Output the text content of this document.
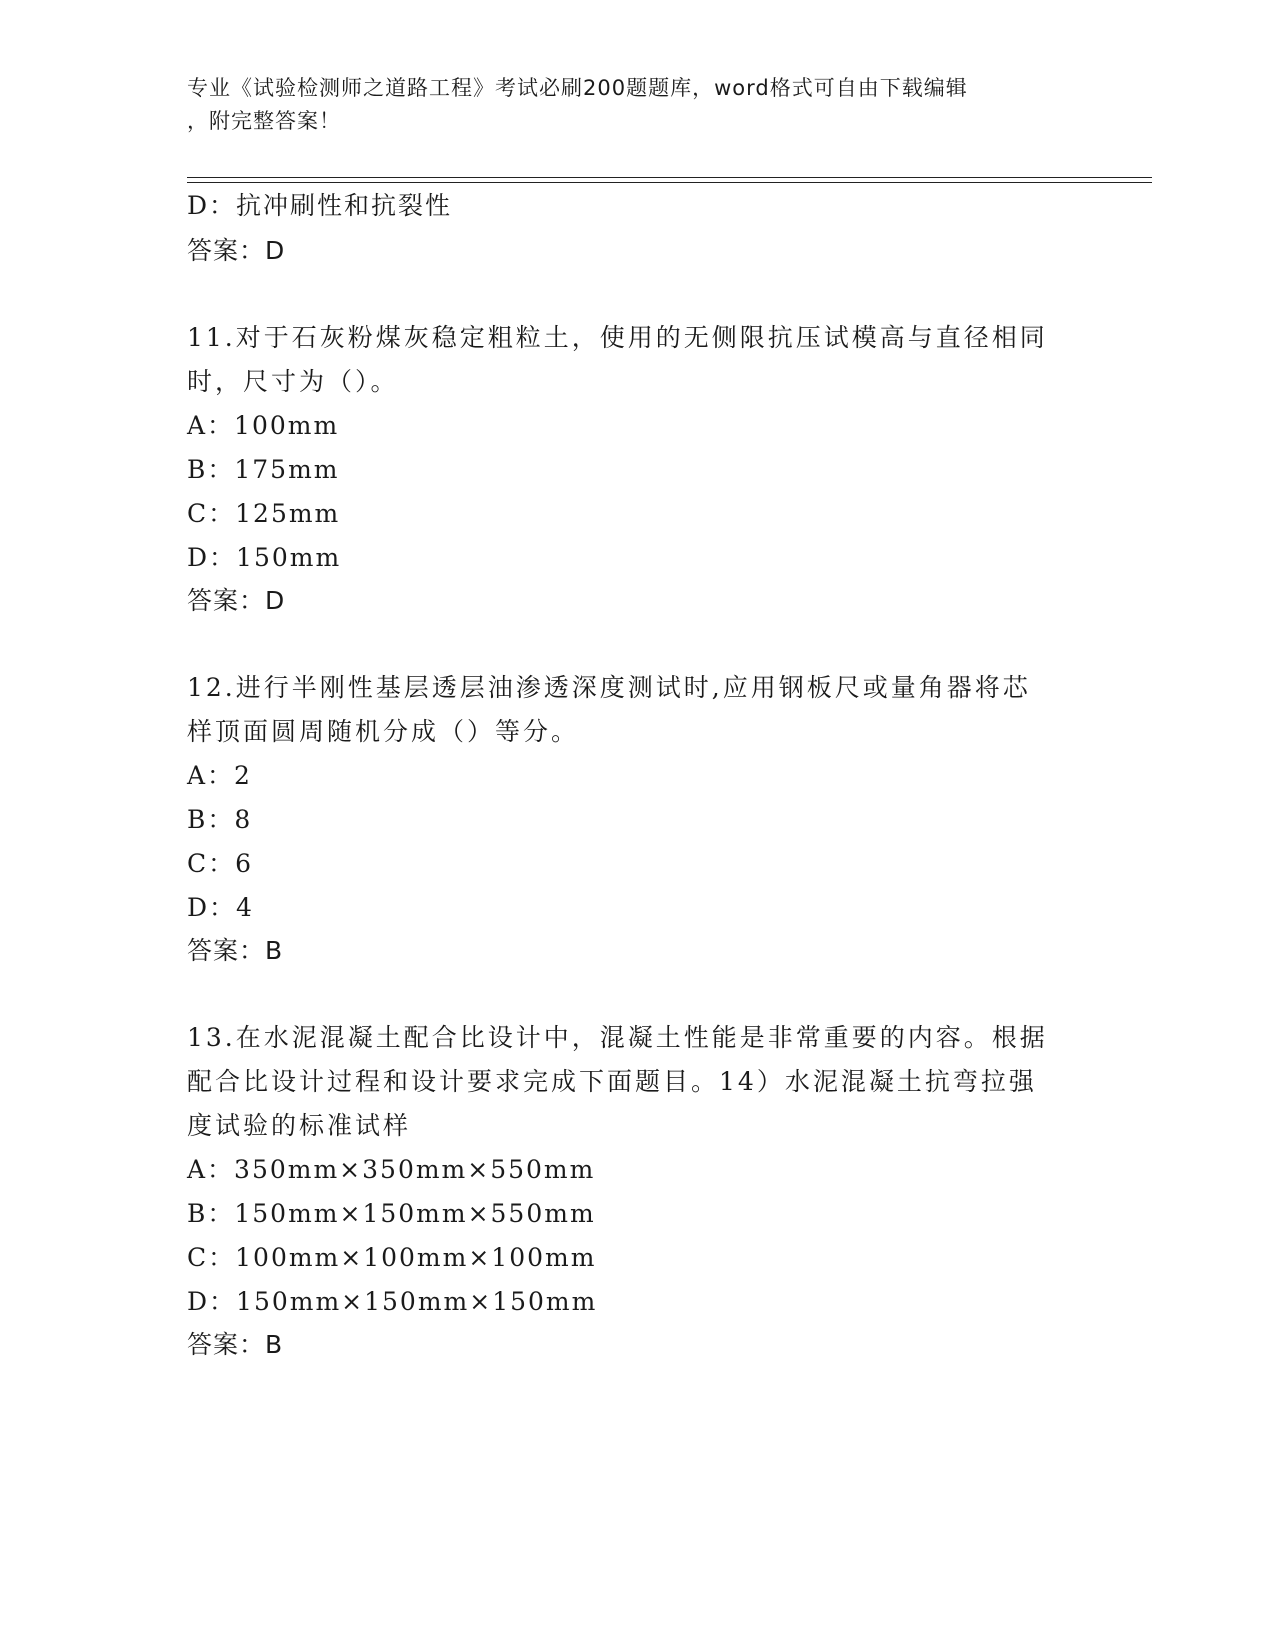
专业《试验检测师之道路工程》考试必刷200题题库，word格式可自由下载编辑
，附完整答案！
D：抗冲刷性和抗裂性
答案：D
11.对于石灰粉煤灰稳定粗粒土，使用的无侧限抗压试模高与直径相同
时，尺寸为（）。
A：100mm
B：175mm
C：125mm
D：150mm
答案：D
12.进行半刚性基层透层油渗透深度测试时,应用钢板尺或量角器将芯
样顶面圆周随机分成（）等分。
A：2
B：8
C：6
D：4
答案：B
13.在水泥混凝土配合比设计中，混凝土性能是非常重要的内容。根据
配合比设计过程和设计要求完成下面题目。14）水泥混凝土抗弯拉强
度试验的标准试样
A：350mm×350mm×550mm
B：150mm×150mm×550mm
C：100mm×100mm×100mm
D：150mm×150mm×150mm
答案：B
